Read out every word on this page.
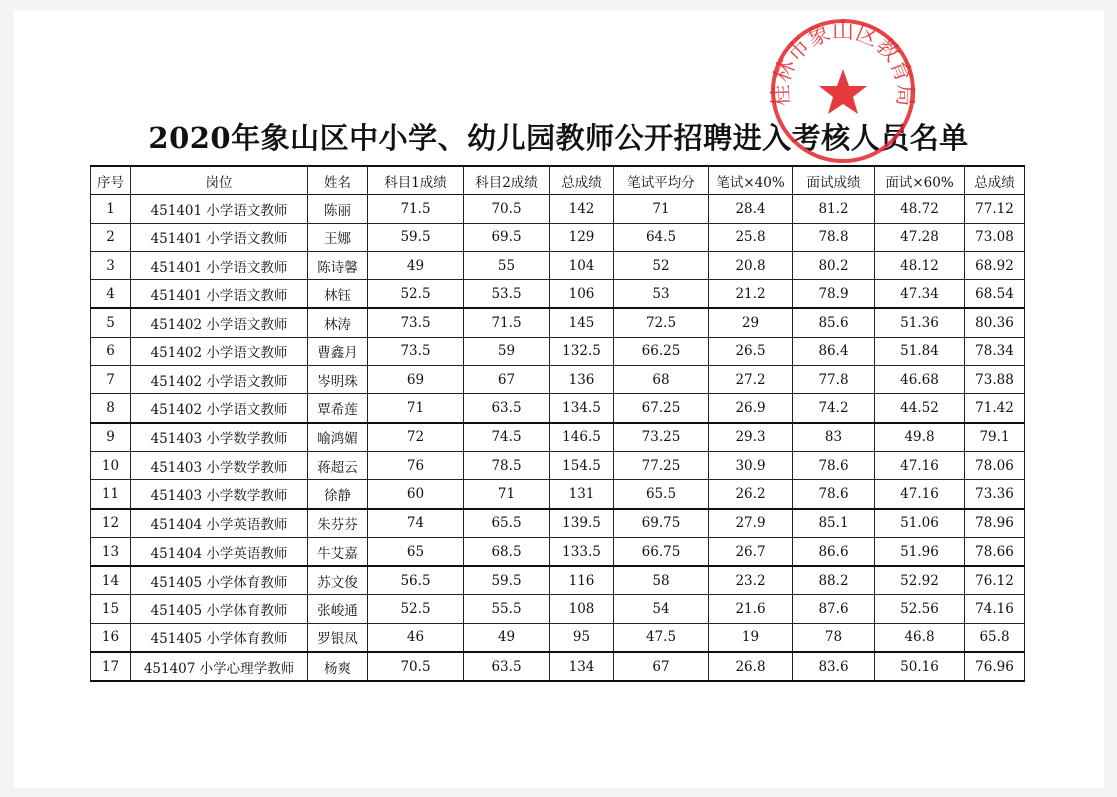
2020年象山区中小学、幼儿园教师公开招聘进入考核人员名单
桂林市象山区教育局
序号	岗位	姓名	科目1成绩	科目2成绩	总成绩	笔试平均分	笔试×40%	面试成绩	面试×60%	总成绩
1	451401 小学语文教师	陈丽	71.5	70.5	142	71	28.4	81.2	48.72	77.12
2	451401 小学语文教师	王娜	59.5	69.5	129	64.5	25.8	78.8	47.28	73.08
3	451401 小学语文教师	陈诗馨	49	55	104	52	20.8	80.2	48.12	68.92
4	451401 小学语文教师	林钰	52.5	53.5	106	53	21.2	78.9	47.34	68.54
5	451402 小学语文教师	林涛	73.5	71.5	145	72.5	29	85.6	51.36	80.36
6	451402 小学语文教师	曹鑫月	73.5	59	132.5	66.25	26.5	86.4	51.84	78.34
7	451402 小学语文教师	岑明珠	69	67	136	68	27.2	77.8	46.68	73.88
8	451402 小学语文教师	覃希莲	71	63.5	134.5	67.25	26.9	74.2	44.52	71.42
9	451403 小学数学教师	喻鸿媚	72	74.5	146.5	73.25	29.3	83	49.8	79.1
10	451403 小学数学教师	蒋超云	76	78.5	154.5	77.25	30.9	78.6	47.16	78.06
11	451403 小学数学教师	徐静	60	71	131	65.5	26.2	78.6	47.16	73.36
12	451404 小学英语教师	朱芬芬	74	65.5	139.5	69.75	27.9	85.1	51.06	78.96
13	451404 小学英语教师	牛艾嘉	65	68.5	133.5	66.75	26.7	86.6	51.96	78.66
14	451405 小学体育教师	苏文俊	56.5	59.5	116	58	23.2	88.2	52.92	76.12
15	451405 小学体育教师	张峻通	52.5	55.5	108	54	21.6	87.6	52.56	74.16
16	451405 小学体育教师	罗银凤	46	49	95	47.5	19	78	46.8	65.8
17	451407 小学心理学教师	杨爽	70.5	63.5	134	67	26.8	83.6	50.16	76.96
